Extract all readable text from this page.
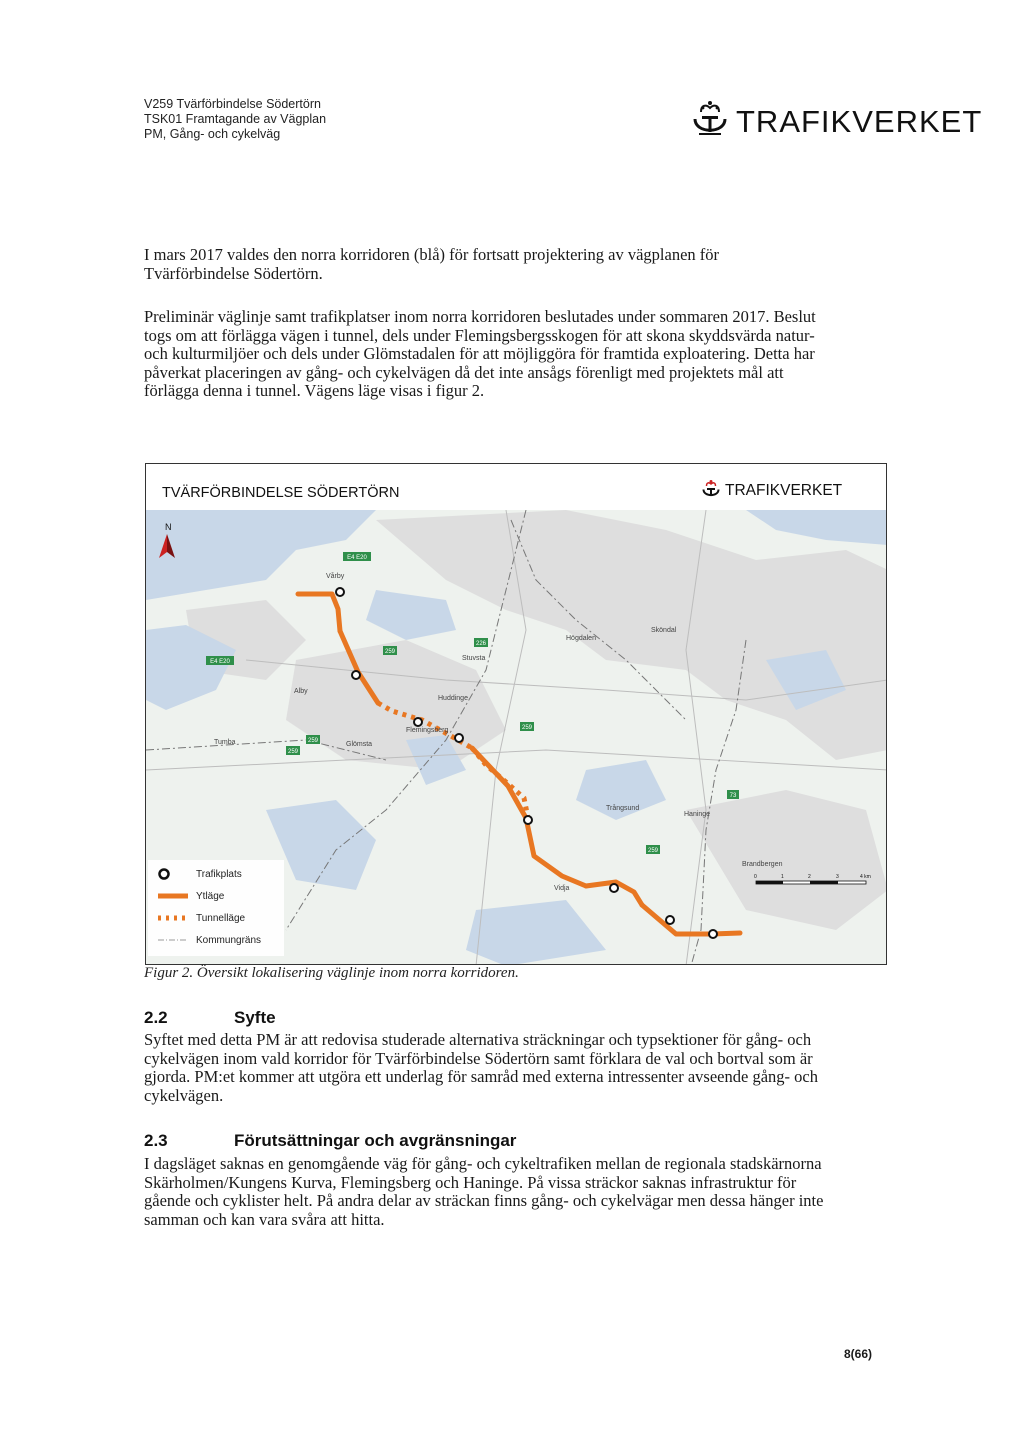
V259 Tvärförbindelse Södertörn
TSK01 Framtagande av Vägplan
PM, Gång- och cykelväg	TRAFIKVERKET
I mars 2017 valdes den norra korridoren (blå) för fortsatt projektering av vägplanen för
Tvärförbindelse Södertörn.
Preliminär väglinje samt trafikplatser inom norra korridoren beslutades under sommaren 2017. Beslut
togs om att förlägga vägen i tunnel, dels under Flemingsbergsskogen för att skona skyddsvärda natur-
och kulturmiljöer och dels under Glömstadalen för att möjliggöra för framtida exploatering. Detta har
påverkat placeringen av gång- och cykelvägen då det inte ansågs förenligt med projektets mål att
förlägga denna i tunnel. Vägens läge visas i figur 2.
TVÄRFÖRBINDELSE SÖDERTÖRN	TRAFIKVERKET
E4 E20
E4 E20
259
226
259
259
259
259
73
Vårby
Huddinge
Stuvsta
Högdalen
Sköndal
Haninge
Brandbergen
Tumba
Alby
Flemingsberg
Glömsta
Vidja
Trångsund
N
Trafikplats
Ytläge
Tunnelläge
Kommungräns
0	1	2	3	4 km
Figur 2. Översikt lokalisering väglinje inom norra korridoren.
2.2	Syfte
Syftet med detta PM är att redovisa studerade alternativa sträckningar och typsektioner för gång- och
cykelvägen inom vald korridor för Tvärförbindelse Södertörn samt förklara de val och bortval som är
gjorda. PM:et kommer att utgöra ett underlag för samråd med externa intressenter avseende gång- och
cykelvägen.
2.3	Förutsättningar och avgränsningar
I dagsläget saknas en genomgående väg för gång- och cykeltrafiken mellan de regionala stadskärnorna
Skärholmen/Kungens Kurva, Flemingsberg och Haninge. På vissa sträckor saknas infrastruktur för
gående och cyklister helt. På andra delar av sträckan finns gång- och cykelvägar men dessa hänger inte
samman och kan vara svåra att hitta.
8(66)
